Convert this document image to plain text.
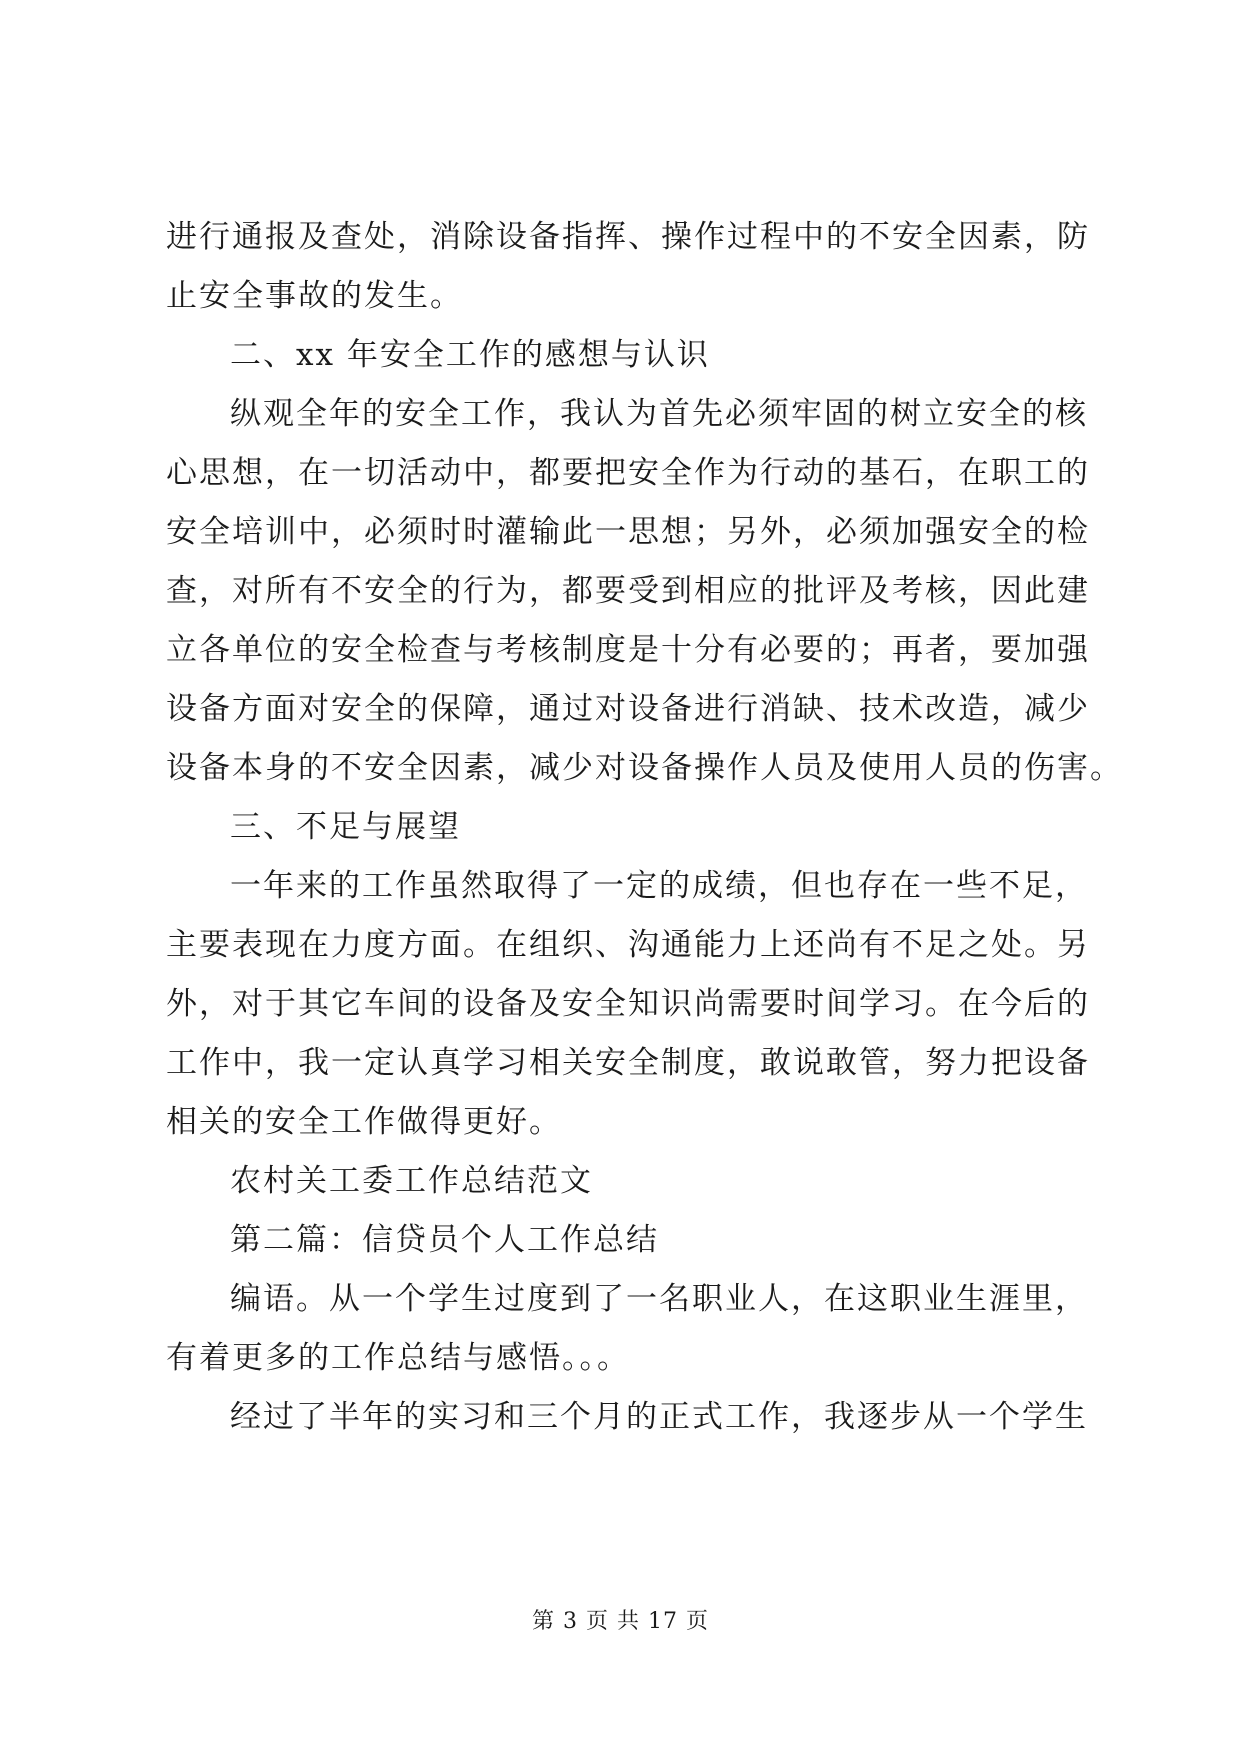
进行通报及查处，消除设备指挥、操作过程中的不安全因素，防
止安全事故的发生。
二、xx 年安全工作的感想与认识
纵观全年的安全工作，我认为首先必须牢固的树立安全的核
心思想，在一切活动中，都要把安全作为行动的基石，在职工的
安全培训中，必须时时灌输此一思想；另外，必须加强安全的检
查，对所有不安全的行为，都要受到相应的批评及考核，因此建
立各单位的安全检查与考核制度是十分有必要的；再者，要加强
设备方面对安全的保障，通过对设备进行消缺、技术改造，减少
设备本身的不安全因素，减少对设备操作人员及使用人员的伤害。
三、不足与展望
一年来的工作虽然取得了一定的成绩，但也存在一些不足，
主要表现在力度方面。在组织、沟通能力上还尚有不足之处。另
外，对于其它车间的设备及安全知识尚需要时间学习。在今后的
工作中，我一定认真学习相关安全制度，敢说敢管，努力把设备
相关的安全工作做得更好。
农村关工委工作总结范文
第二篇：信贷员个人工作总结
编语。从一个学生过度到了一名职业人，在这职业生涯里，
有着更多的工作总结与感悟。。。
经过了半年的实习和三个月的正式工作，我逐步从一个学生
第 3 页 共 17 页
